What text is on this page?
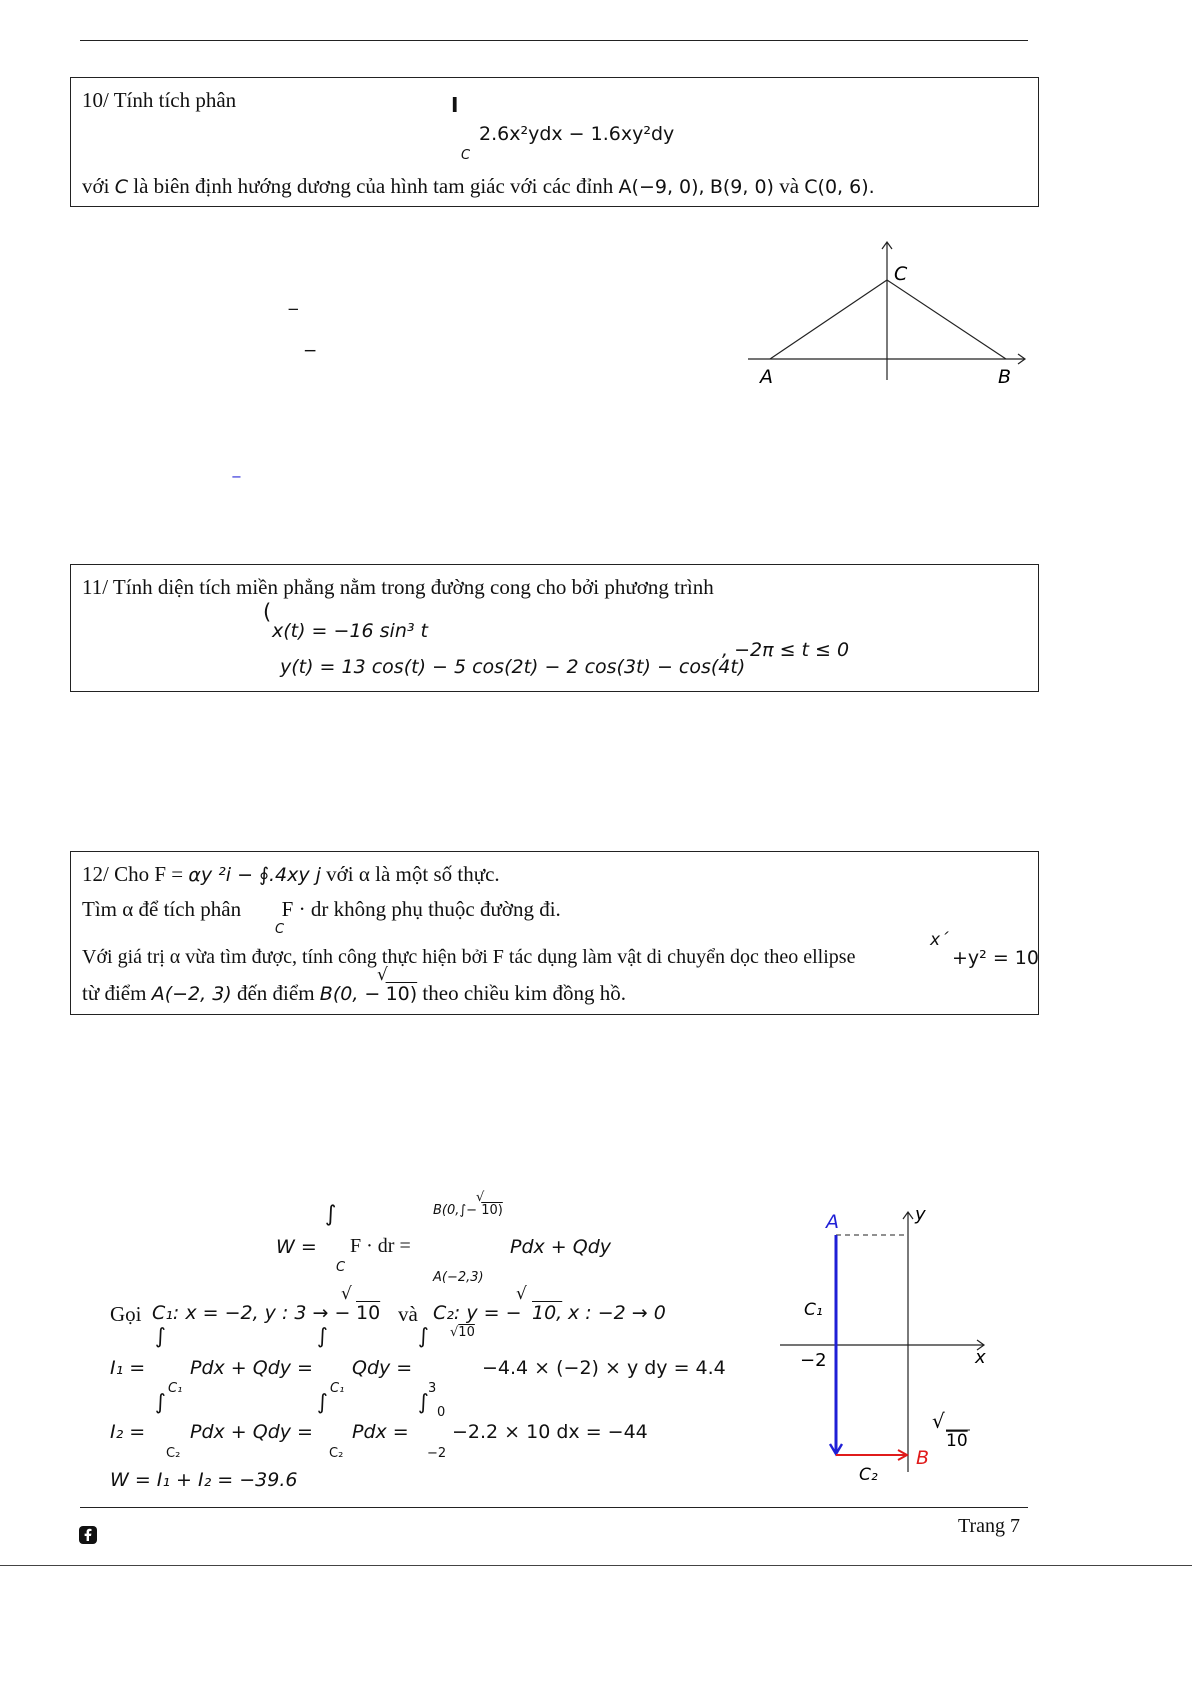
10/ Tính tích phân	I
2.6x²ydx − 1.6xy²dy
C
với C là biên định hướng dương của hình tam giác với các đỉnh A(−9, 0), B(9, 0) và C(0, 6).
−
−
−
A	B
C
11/ Tính diện tích miền phẳng nằm trong đường cong cho bởi phương trình
(
x(t) = −16 sin³ t
y(t) = 13 cos(t) − 5 cos(2t) − 2 cos(3t) − cos(4t)
, −2π ≤ t ≤ 0
12/ Cho F = αy ²i − ∮.4xy j với α là một số thực.
Tìm α để tích phân F · dr không phụ thuộc đường đi.
C
Với giá trị α vừa tìm được, tính công thực hiện bởi F tác dụng làm vật di chuyển dọc theo ellipse
x´
+y² = 10
từ điểm A(−2, 3) đến điểm B(0, − 10) theo chiều kim đồng hồ.
√
∫
W = F · dr =
C
B(0,∫− 10)
√
Pdx + Qdy
A(−2,3)
Gọi C₁: x = −2, y : 3 → −
√
10 và C₂: y = −
√
10, x : −2 → 0
∫	∫	∫ √10
I₁ = Pdx + Qdy = Qdy =	−4.4 × (−2) × y dy = 4.4
∫
C₁
∫
C₁
∫
3
0
I₂ = Pdx + Qdy = Pdx = −2.2 × 10 dx = −44
C₂	C₂	−2
W = I₁ + I₂ = −39.6
A	y
C₁
−2	x
√
10
B
C₂
Trang 7
